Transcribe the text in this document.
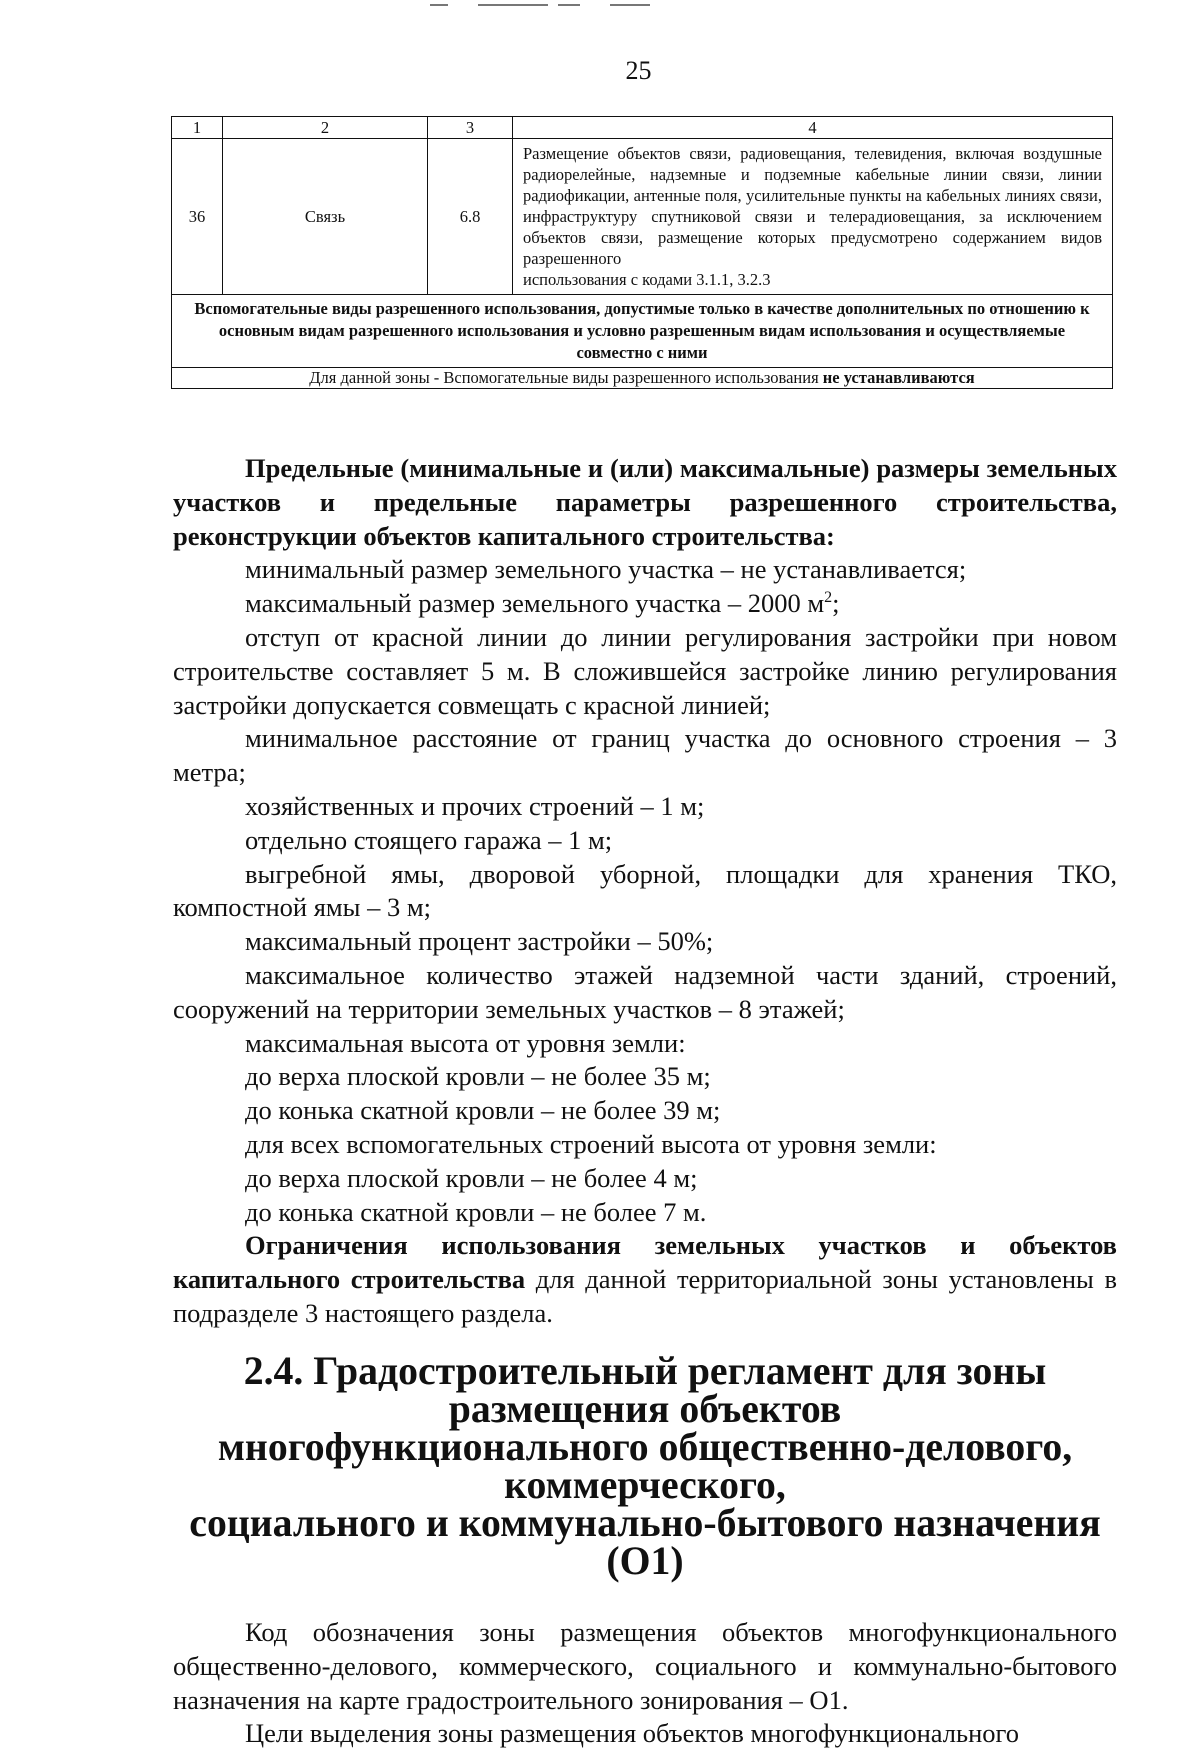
25
1	2	3	4
36	Связь	6.8	Размещение объектов связи, радиовещания, телевидения, включая воздушные радиорелейные, надземные и подземные кабельные линии связи, линии радиофикации, антенные поля, усилительные пункты на кабельных линиях связи, инфраструктуру спутниковой связи и телерадиовещания, за исключением объектов связи, размещение которых предусмотрено содержанием видов разрешенного
использования с кодами 3.1.1, 3.2.3

Вспомогательные виды разрешенного использования, допустимые только в качестве дополнительных по отношению к основным видам разрешенного использования и условно разрешенным видам использования и осуществляемые совместно с ними			
Для данной зоны - Вспомогательные виды разрешенного использования не устанавливаются			

Предельные (минимальные и (или) максимальные) размеры земельных участков и предельные параметры разрешенного строительства, реконструкции объектов капитального строительства:

минимальный размер земельного участка – не устанавливается;

максимальный размер земельного участка – 2000 $м^2$;

отступ от красной линии до линии регулирования застройки при новом строительстве составляет 5 м. В сложившейся застройке линию регулирования застройки допускается совмещать с красной линией;

минимальное расстояние от границ участка до основного строения – 3 метра;

хозяйственных и прочих строений – 1 м;

отдельно стоящего гаража – 1 м;

выгребной ямы, дворовой уборной, площадки для хранения ТКО, компостной ямы – 3 м;

максимальный процент застройки – 50%;

максимальное количество этажей надземной части зданий, строений, сооружений на территории земельных участков – 8 этажей;

максимальная высота от уровня земли:

до верха плоской кровли – не более 35 м;

до конька скатной кровли – не более 39 м;

для всех вспомогательных строений высота от уровня земли:

до верха плоской кровли – не более 4 м;

до конька скатной кровли – не более 7 м.

Ограничения использования земельных участков и объектов капитального строительства для данной территориальной зоны установлены в подразделе 3 настоящего раздела.

2.4. Градостроительный регламент для зоны размещения объектов
многофункционального общественно-делового, коммерческого,
социального и коммунально-бытового назначения (О1)

Код обозначения зоны размещения объектов многофункционального общественно-делового, коммерческого, социального и коммунально-бытового назначения на карте градостроительного зонирования – О1.

Цели выделения зоны размещения объектов многофункционального
